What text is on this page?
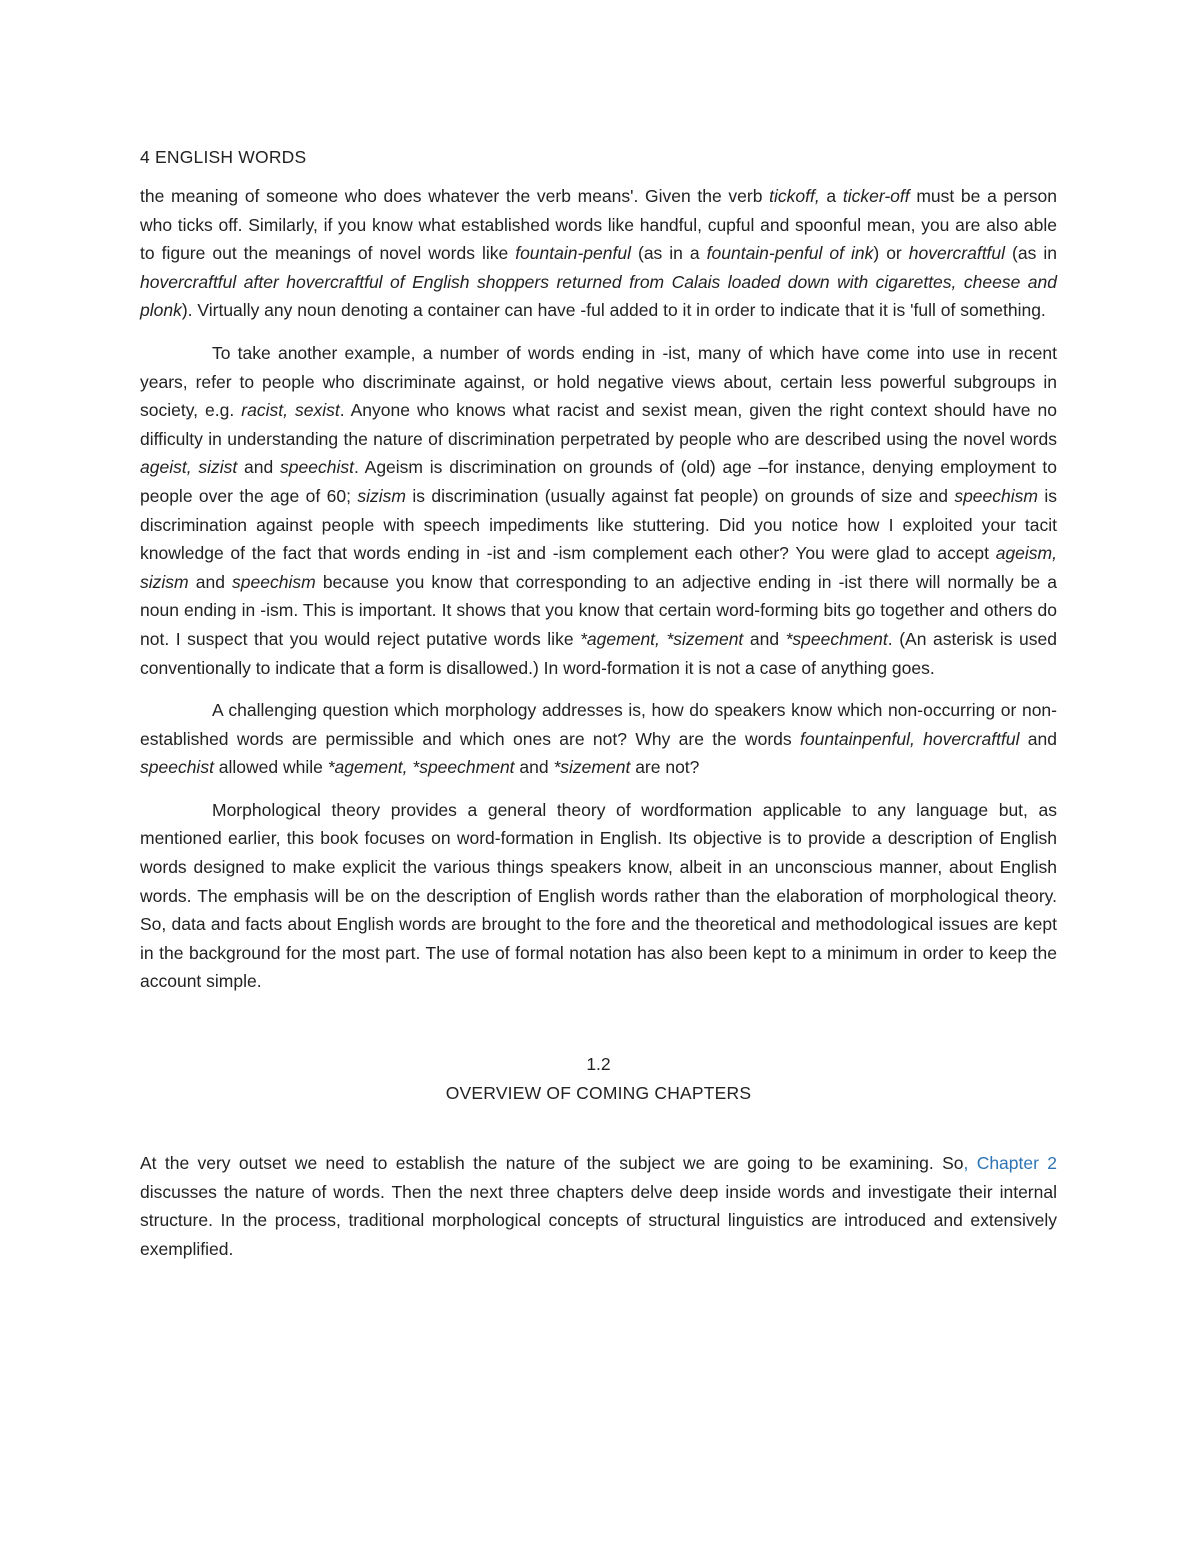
4 ENGLISH WORDS

the meaning of someone who does whatever the verb means'. Given the verb tickoff, a ticker-off must be a person who ticks off. Similarly, if you know what established words like handful, cupful and spoonful mean, you are also able to figure out the meanings of novel words like fountain-penful (as in a fountain-penful of ink) or hovercraftful (as in hovercraftful after hovercraftful of English shoppers returned from Calais loaded down with cigarettes, cheese and plonk). Virtually any noun denoting a container can have -ful added to it in order to indicate that it is 'full of something.

To take another example, a number of words ending in -ist, many of which have come into use in recent years, refer to people who discriminate against, or hold negative views about, certain less powerful subgroups in society, e.g. racist, sexist. Anyone who knows what racist and sexist mean, given the right context should have no difficulty in understanding the nature of discrimination perpetrated by people who are described using the novel words ageist, sizist and speechist. Ageism is discrimination on grounds of (old) age –for instance, denying employment to people over the age of 60; sizism is discrimination (usually against fat people) on grounds of size and speechism is discrimination against people with speech impediments like stuttering. Did you notice how I exploited your tacit knowledge of the fact that words ending in -ist and -ism complement each other? You were glad to accept ageism, sizism and speechism because you know that corresponding to an adjective ending in -ist there will normally be a noun ending in -ism. This is important. It shows that you know that certain word-forming bits go together and others do not. I suspect that you would reject putative words like *agement, *sizement and *speechment. (An asterisk is used conventionally to indicate that a form is disallowed.) In word-formation it is not a case of anything goes.

A challenging question which morphology addresses is, how do speakers know which non-occurring or non-established words are permissible and which ones are not? Why are the words fountainpenful, hovercraftful and speechist allowed while *agement, *speechment and *sizement are not?

Morphological theory provides a general theory of wordformation applicable to any language but, as mentioned earlier, this book focuses on word-formation in English. Its objective is to provide a description of English words designed to make explicit the various things speakers know, albeit in an unconscious manner, about English words. The emphasis will be on the description of English words rather than the elaboration of morphological theory. So, data and facts about English words are brought to the fore and the theoretical and methodological issues are kept in the background for the most part. The use of formal notation has also been kept to a minimum in order to keep the account simple.

1.2
OVERVIEW OF COMING CHAPTERS

At the very outset we need to establish the nature of the subject we are going to be examining. So, Chapter 2 discusses the nature of words. Then the next three chapters delve deep inside words and investigate their internal structure. In the process, traditional morphological concepts of structural linguistics are introduced and extensively exemplified.
